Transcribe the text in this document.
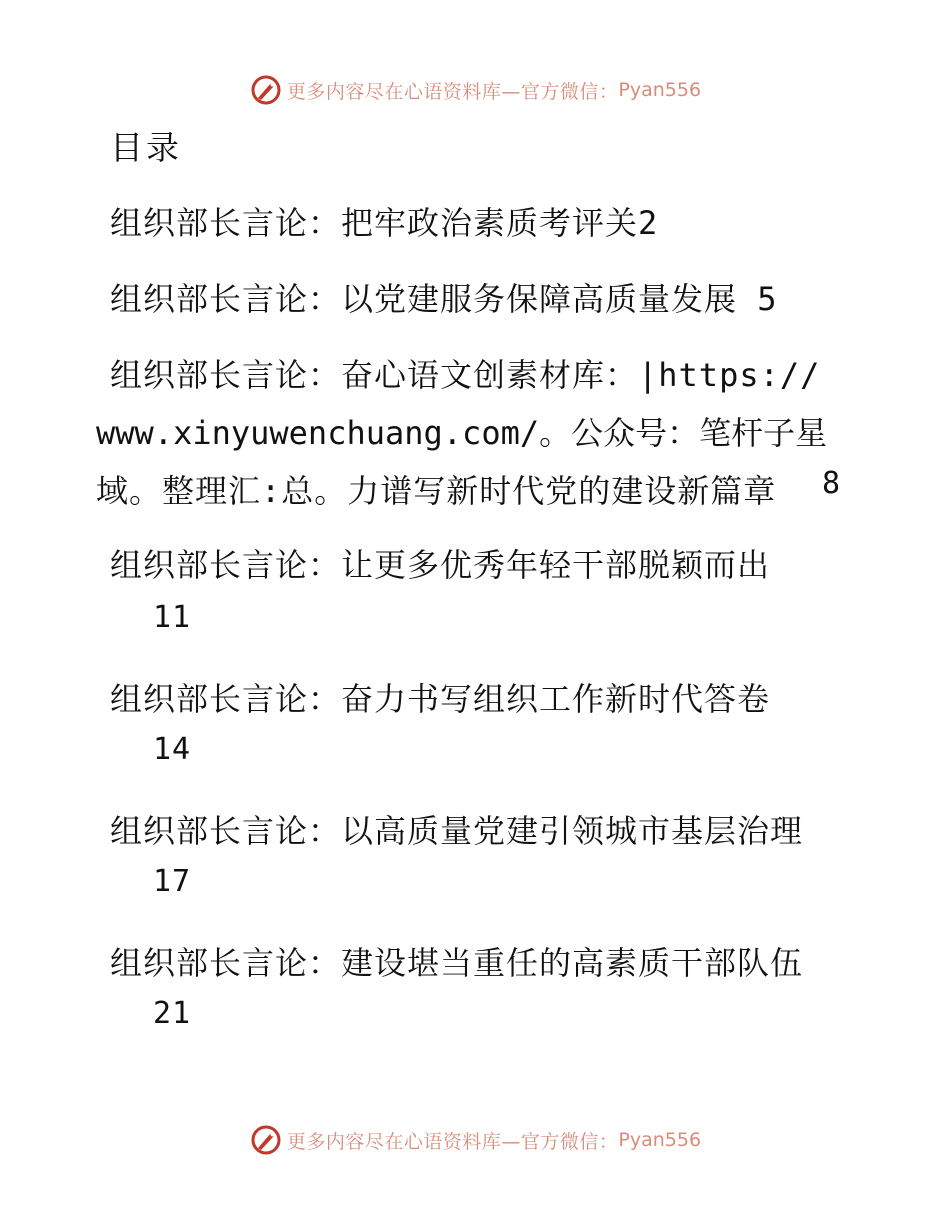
更多内容尽在心语资料库—官方微信： Pyan556
目录
组织部长言论：把牢政治素质考评关2
组织部长言论：以党建服务保障高质量发展 5
组织部长言论：奋心语文创素材库：|https://
www.xinyuwenchuang.com/。公众号：笔杆子星
域。整理汇:总。力谱写新时代党的建设新篇章 8
组织部长言论：让更多优秀年轻干部脱颖而出
11
组织部长言论：奋力书写组织工作新时代答卷
14
组织部长言论：以高质量党建引领城市基层治理
17
组织部长言论：建设堪当重任的高素质干部队伍
21
更多内容尽在心语资料库—官方微信： Pyan556
